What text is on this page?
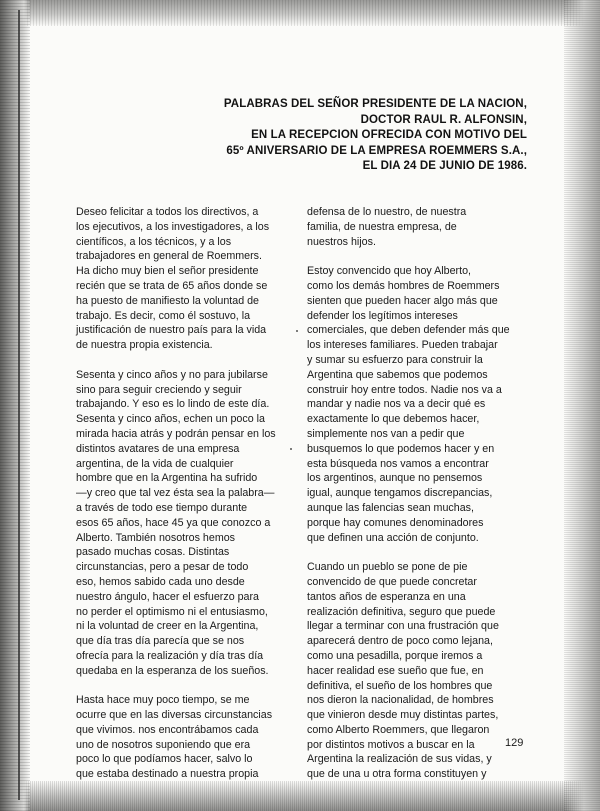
PALABRAS DEL SEÑOR PRESIDENTE DE LA NACION,
DOCTOR RAUL R. ALFONSIN,
EN LA RECEPCION OFRECIDA CON MOTIVO DEL
65º ANIVERSARIO DE LA EMPRESA ROEMMERS S.A.,
EL DIA 24 DE JUNIO DE 1986.
Deseo felicitar a todos los directivos, a
los ejecutivos, a los investigadores, a los
científicos, a los técnicos, y a los
trabajadores en general de Roemmers.
Ha dicho muy bien el señor presidente
recién que se trata de 65 años donde se
ha puesto de manifiesto la voluntad de
trabajo. Es decir, como él sostuvo, la
justificación de nuestro país para la vida
de nuestra propia existencia.
Sesenta y cinco años y no para jubilarse
sino para seguir creciendo y seguir
trabajando. Y eso es lo lindo de este día.
Sesenta y cinco años, echen un poco la
mirada hacia atrás y podrán pensar en los
distintos avatares de una empresa
argentina, de la vida de cualquier
hombre que en la Argentina ha sufrido
—y creo que tal vez ésta sea la palabra—
a través de todo ese tiempo durante
esos 65 años, hace 45 ya que conozco a
Alberto. También nosotros hemos
pasado muchas cosas. Distintas
circunstancias, pero a pesar de todo
eso, hemos sabido cada uno desde
nuestro ángulo, hacer el esfuerzo para
no perder el optimismo ni el entusiasmo,
ni la voluntad de creer en la Argentina,
que día tras día parecía que se nos
ofrecía para la realización y día tras día
quedaba en la esperanza de los sueños.
Hasta hace muy poco tiempo, se me
ocurre que en las diversas circunstancias
que vivimos. nos encontrábamos cada
uno de nosotros suponiendo que era
poco lo que podíamos hacer, salvo lo
que estaba destinado a nuestra propia
defensa de lo nuestro, de nuestra
familia, de nuestra empresa, de
nuestros hijos.
Estoy convencido que hoy Alberto,
como los demás hombres de Roemmers
sienten que pueden hacer algo más que
defender los legítimos intereses
comerciales, que deben defender más que
los intereses familiares. Pueden trabajar
y sumar su esfuerzo para construir la
Argentina que sabemos que podemos
construir hoy entre todos. Nadie nos va a
mandar y nadie nos va a decir qué es
exactamente lo que debemos hacer,
simplemente nos van a pedir que
busquemos lo que podemos hacer y en
esta búsqueda nos vamos a encontrar
los argentinos, aunque no pensemos
igual, aunque tengamos discrepancias,
aunque las falencias sean muchas,
porque hay comunes denominadores
que definen una acción de conjunto.
Cuando un pueblo se pone de pie
convencido de que puede concretar
tantos años de esperanza en una
realización definitiva, seguro que puede
llegar a terminar con una frustración que
aparecerá dentro de poco como lejana,
como una pesadilla, porque iremos a
hacer realidad ese sueño que fue, en
definitiva, el sueño de los hombres que
nos dieron la nacionalidad, de hombres
que vinieron desde muy distintas partes,
como Alberto Roemmers, que llegaron
por distintos motivos a buscar en la
Argentina la realización de sus vidas, y
que de una u otra forma constituyen y
129
